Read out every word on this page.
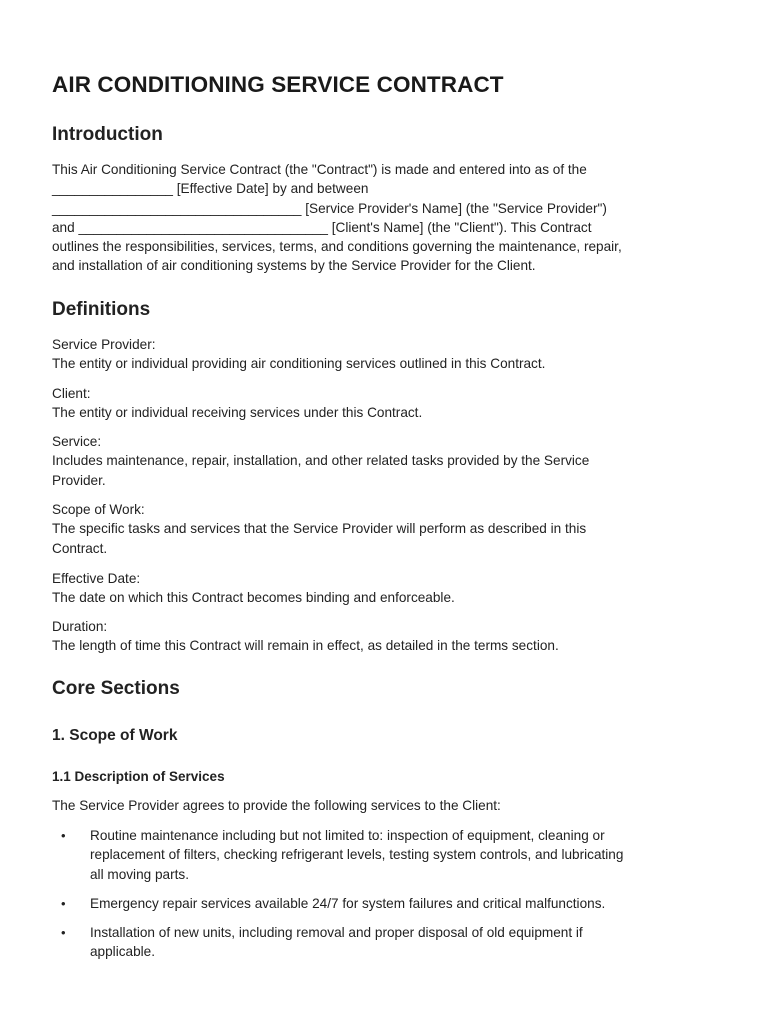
AIR CONDITIONING SERVICE CONTRACT
Introduction

This Air Conditioning Service Contract (the "Contract") is made and entered into as of the
________________ [Effective Date] by and between
_________________________________ [Service Provider's Name] (the "Service Provider")
and _________________________________ [Client's Name] (the "Client"). This Contract
outlines the responsibilities, services, terms, and conditions governing the maintenance, repair,
and installation of air conditioning systems by the Service Provider for the Client.

Definitions
Service Provider:
The entity or individual providing air conditioning services outlined in this Contract.
Client:
The entity or individual receiving services under this Contract.
Service:
Includes maintenance, repair, installation, and other related tasks provided by the Service
Provider.
Scope of Work:
The specific tasks and services that the Service Provider will perform as described in this
Contract.
Effective Date:
The date on which this Contract becomes binding and enforceable.
Duration:
The length of time this Contract will remain in effect, as detailed in the terms section.
Core Sections
1. Scope of Work
1.1 Description of Services

The Service Provider agrees to provide the following services to the Client:

• Routine maintenance including but not limited to: inspection of equipment, cleaning or
replacement of filters, checking refrigerant levels, testing system controls, and lubricating
all moving parts.
• Emergency repair services available 24/7 for system failures and critical malfunctions.
• Installation of new units, including removal and proper disposal of old equipment if
applicable.
